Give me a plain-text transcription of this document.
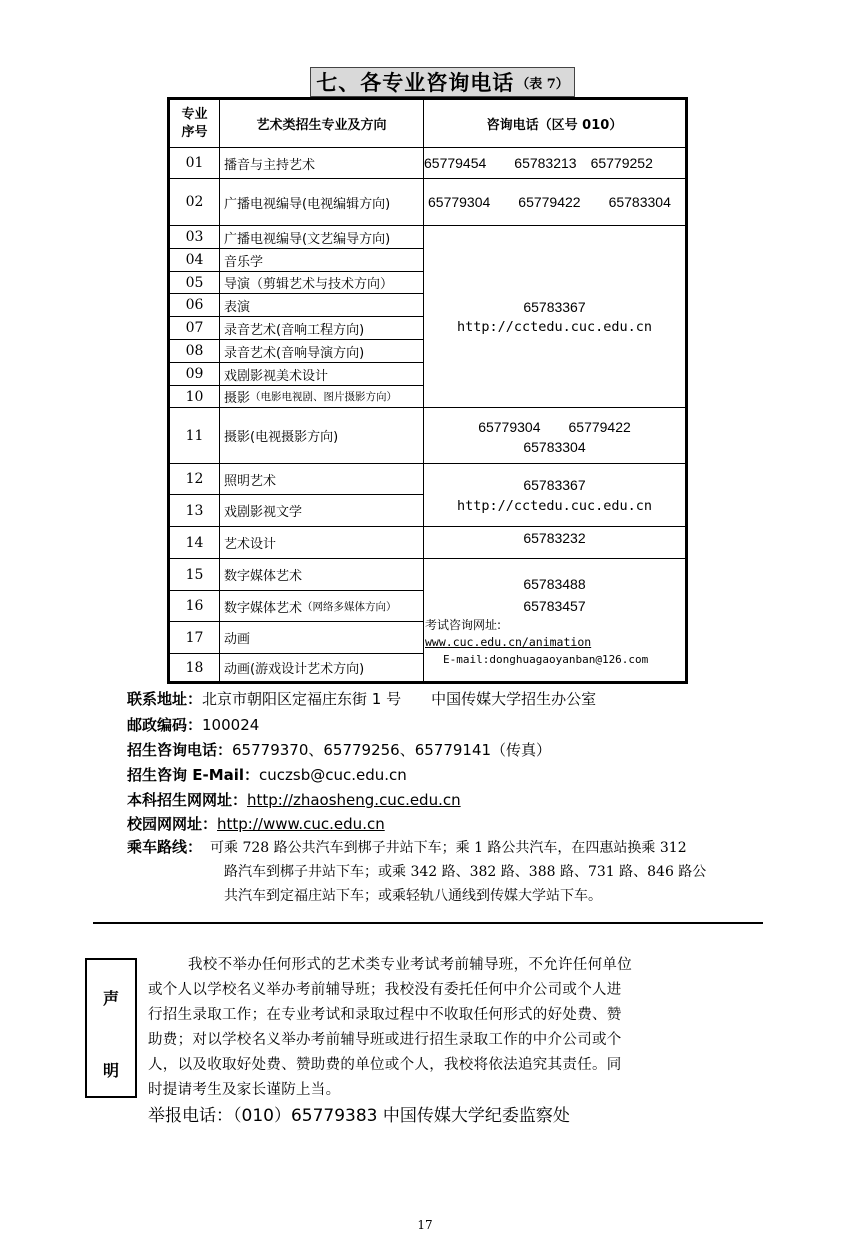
七、各专业咨询电话 （表 7）
专业
序号	艺术类招生专业及方向	咨询电话（区号 010）
01
02
03
04
05
06
07
08
09
10
11
12
13
14
15
16
17
18
播音与主持艺术
广播电视编导(电视编辑方向)
广播电视编导(文艺编导方向)
音乐学
导演（剪辑艺术与技术方向）
表演
录音艺术(音响工程方向)
录音艺术(音响导演方向)
戏剧影视美术设计
摄影 （电影电视剧、图片摄影方向）
摄影(电视摄影方向)
照明艺术
戏剧影视文学
艺术设计
数字媒体艺术
数字媒体艺术 （网络多媒体方向）
动画
动画(游戏设计艺术方向)
65779454　　65783213　65779252
65779304　　65779422　　65783304
65783367
http://cctedu.cuc.edu.cn
65779304　　65779422
65783304
65783367
http://cctedu.cuc.edu.cn
65783232
65783488
65783457
考试咨询网址:
www.cuc.edu.cn/animation
E-mail:donghuagaoyanban@126.com
联系地址：北京市朝阳区定福庄东街 1 号　　中国传媒大学招生办公室
邮政编码：100024
招生咨询电话：65779370、65779256、65779141（传真）
招生咨询 E-Mail：cuczsb@cuc.edu.cn
本科招生网网址：http://zhaosheng.cuc.edu.cn
校园网网址：http://www.cuc.edu.cn
乘车路线： 可乘 728 路公共汽车到梆子井站下车；乘 1 路公共汽车，在四惠站换乘 312
路汽车到梆子井站下车；或乘 342 路、382 路、388 路、731 路、846 路公
共汽车到定福庄站下车；或乘轻轨八通线到传媒大学站下车。
声
明
我校不举办任何形式的艺术类专业考试考前辅导班，不允许任何单位
或个人以学校名义举办考前辅导班；我校没有委托任何中介公司或个人进
行招生录取工作；在专业考试和录取过程中不收取任何形式的好处费、赞
助费；对以学校名义举办考前辅导班或进行招生录取工作的中介公司或个
人，以及收取好处费、赞助费的单位或个人，我校将依法追究其责任。同
时提请考生及家长谨防上当。
举报电话：（010）65779383 中国传媒大学纪委监察处
17
